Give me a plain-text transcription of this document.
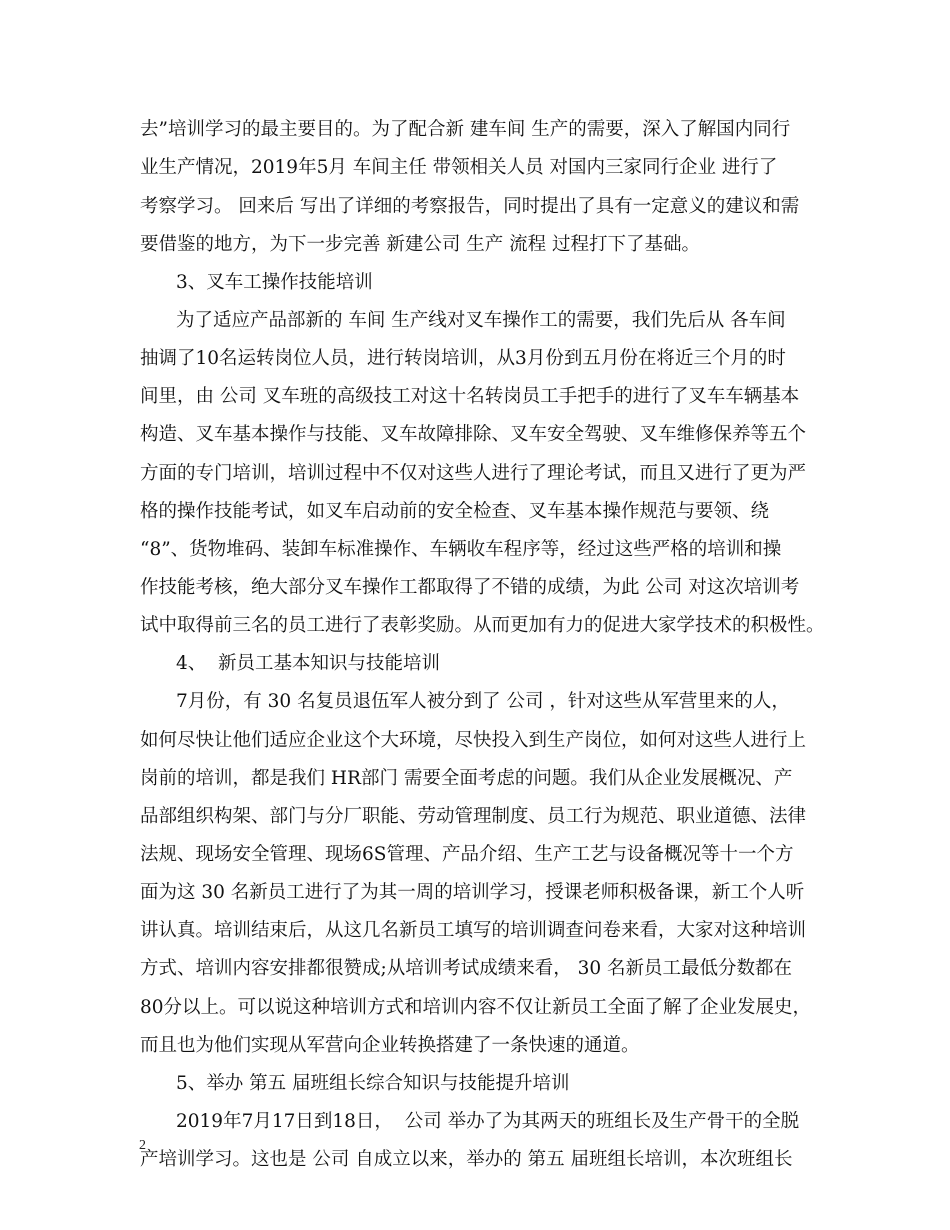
去”培训学习的最主要目的。为了配合新 建车间 生产的需要，深入了解国内同行
业生产情况，2019年5月 车间主任 带领相关人员 对国内三家同行企业 进行了
考察学习。 回来后 写出了详细的考察报告，同时提出了具有一定意义的建议和需
要借鉴的地方，为下一步完善 新建公司 生产 流程 过程打下了基础。
3、叉车工操作技能培训
为了适应产品部新的 车间 生产线对叉车操作工的需要，我们先后从 各车间
抽调了10名运转岗位人员，进行转岗培训，从3月份到五月份在将近三个月的时
间里，由 公司 叉车班的高级技工对这十名转岗员工手把手的进行了叉车车辆基本
构造、叉车基本操作与技能、叉车故障排除、叉车安全驾驶、叉车维修保养等五个
方面的专门培训，培训过程中不仅对这些人进行了理论考试，而且又进行了更为严
格的操作技能考试，如叉车启动前的安全检查、叉车基本操作规范与要领、绕
“8”、货物堆码、装卸车标准操作、车辆收车程序等，经过这些严格的培训和操
作技能考核，绝大部分叉车操作工都取得了不错的成绩，为此 公司 对这次培训考
试中取得前三名的员工进行了表彰奖励。从而更加有力的促进大家学技术的积极性。
4、  新员工基本知识与技能培训
7月份，有 30 名复员退伍军人被分到了 公司 ，针对这些从军营里来的人，
如何尽快让他们适应企业这个大环境，尽快投入到生产岗位，如何对这些人进行上
岗前的培训，都是我们 HR部门 需要全面考虑的问题。我们从企业发展概况、产
品部组织构架、部门与分厂职能、劳动管理制度、员工行为规范、职业道德、法律
法规、现场安全管理、现场6S管理、产品介绍、生产工艺与设备概况等十一个方
面为这 30 名新员工进行了为其一周的培训学习，授课老师积极备课，新工个人听
讲认真。培训结束后，从这几名新员工填写的培训调查问卷来看，大家对这种培训
方式、培训内容安排都很赞成;从培训考试成绩来看， 30 名新员工最低分数都在
80分以上。可以说这种培训方式和培训内容不仅让新员工全面了解了企业发展史，
而且也为他们实现从军营向企业转换搭建了一条快速的通道。
5、举办 第五 届班组长综合知识与技能提升培训
2019年7月17日到18日，  公司 举办了为其两天的班组长及生产骨干的全脱
产培训学习。这也是 公司 自成立以来，举办的 第五 届班组长培训，本次班组长
2
